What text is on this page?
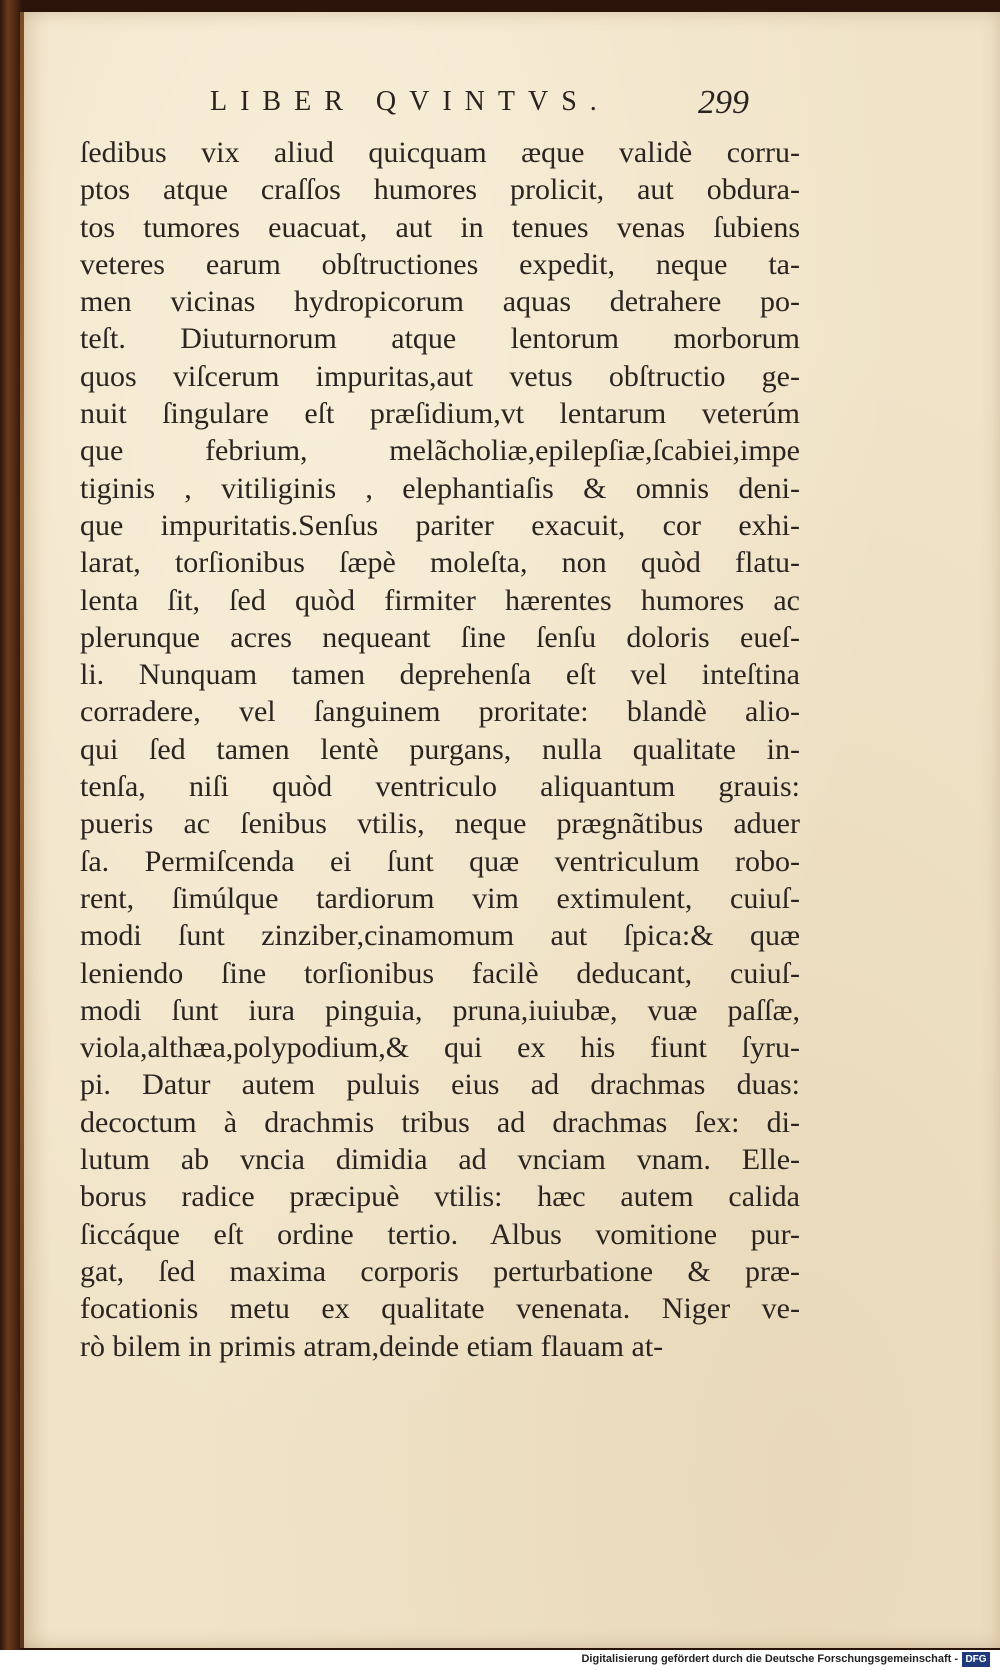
LIBER QVINTVS.	299
ſedibus vix aliud quicquam æque validè corru-
ptos atque craſſos humores prolicit, aut obdura-
tos tumores euacuat, aut in tenues venas ſubiens
veteres earum obſtructiones expedit, neque ta-
men vicinas hydropicorum aquas detrahere po-
teſt. Diuturnorum atque lentorum morborum
quos viſcerum impuritas,aut vetus obſtructio ge-
nuit ſingulare eſt præſidium,vt lentarum veterúm
que febrium, melãcholiæ,epilepſiæ,ſcabiei,impe
tiginis , vitiliginis , elephantiaſis & omnis deni-
que impuritatis.Senſus pariter exacuit, cor exhi-
larat, torſionibus ſæpè moleſta, non quòd flatu-
lenta ſit, ſed quòd firmiter hærentes humores ac
plerunque acres nequeant ſine ſenſu doloris eueſ-
li. Nunquam tamen deprehenſa eſt vel inteſtina
corradere, vel ſanguinem proritate: blandè alio-
qui ſed tamen lentè purgans, nulla qualitate in-
tenſa, niſi quòd ventriculo aliquantum grauis:
pueris ac ſenibus vtilis, neque prægnãtibus aduer
ſa. Permiſcenda ei ſunt quæ ventriculum robo-
rent, ſimúlque tardiorum vim extimulent, cuiuſ-
modi ſunt zinziber,cinamomum aut ſpica:& quæ
leniendo ſine torſionibus facilè deducant, cuiuſ-
modi ſunt iura pinguia, pruna,iuiubæ, vuæ paſſæ,
viola,althæa,polypodium,& qui ex his fiunt ſyru-
pi. Datur autem puluis eius ad drachmas duas:
decoctum à drachmis tribus ad drachmas ſex: di-
lutum ab vncia dimidia ad vnciam vnam. Elle-
borus radice præcipuè vtilis: hæc autem calida
ſiccáque eſt ordine tertio. Albus vomitione pur-
gat, ſed maxima corporis perturbatione & præ-
focationis metu ex qualitate venenata. Niger ve-
rò bilem in primis atram,deinde etiam flauam at-
Digitalisierung gefördert durch die Deutsche Forschungsgemeinschaft - DFG
